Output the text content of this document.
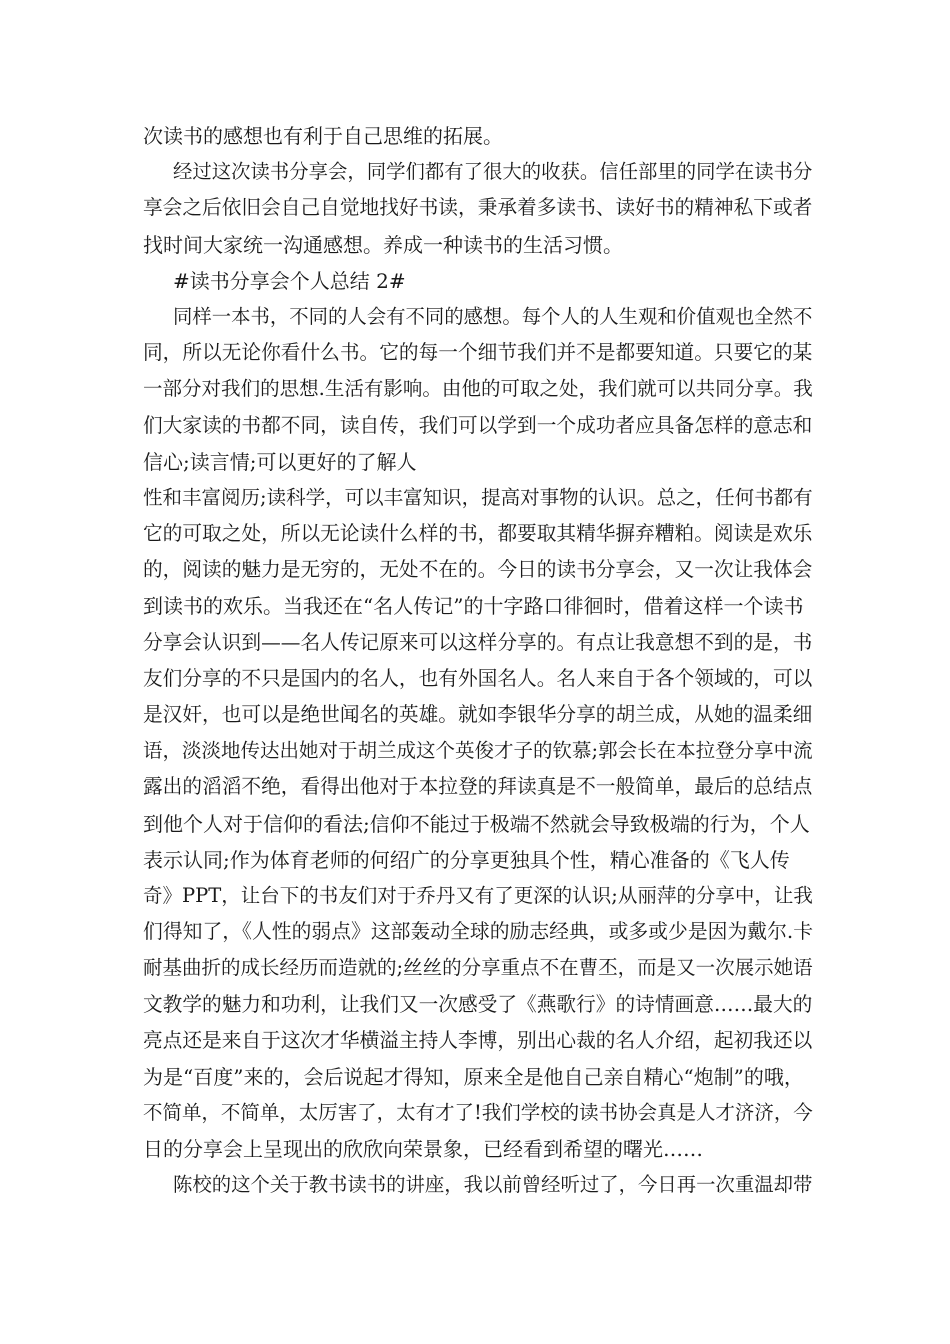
次读书的感想也有利于自己思维的拓展。
经过这次读书分享会，同学们都有了很大的收获。信任部里的同学在读书分
享会之后依旧会自己自觉地找好书读，秉承着多读书、读好书的精神私下或者
找时间大家统一沟通感想。养成一种读书的生活习惯。
#读书分享会个人总结 2#
同样一本书，不同的人会有不同的感想。每个人的人生观和价值观也全然不
同，所以无论你看什么书。它的每一个细节我们并不是都要知道。只要它的某
一部分对我们的思想.生活有影响。由他的可取之处，我们就可以共同分享。我
们大家读的书都不同，读自传，我们可以学到一个成功者应具备怎样的意志和
信心;读言情;可以更好的了解人
性和丰富阅历;读科学，可以丰富知识，提高对事物的认识。总之，任何书都有
它的可取之处，所以无论读什么样的书，都要取其精华摒弃糟粕。阅读是欢乐
的，阅读的魅力是无穷的，无处不在的。今日的读书分享会，又一次让我体会
到读书的欢乐。当我还在“名人传记”的十字路口徘徊时，借着这样一个读书
分享会认识到——名人传记原来可以这样分享的。有点让我意想不到的是，书
友们分享的不只是国内的名人，也有外国名人。名人来自于各个领域的，可以
是汉奸，也可以是绝世闻名的英雄。就如李银华分享的胡兰成，从她的温柔细
语，淡淡地传达出她对于胡兰成这个英俊才子的钦慕;郭会长在本拉登分享中流
露出的滔滔不绝，看得出他对于本拉登的拜读真是不一般简单，最后的总结点
到他个人对于信仰的看法;信仰不能过于极端不然就会导致极端的行为，个人
表示认同;作为体育老师的何绍广的分享更独具个性，精心准备的《飞人传
奇》PPT，让台下的书友们对于乔丹又有了更深的认识;从丽萍的分享中，让我
们得知了，《人性的弱点》这部轰动全球的励志经典，或多或少是因为戴尔.卡
耐基曲折的成长经历而造就的;丝丝的分享重点不在曹丕，而是又一次展示她语
文教学的魅力和功利，让我们又一次感受了《燕歌行》的诗情画意……最大的
亮点还是来自于这次才华横溢主持人李博，别出心裁的名人介绍，起初我还以
为是“百度”来的，会后说起才得知，原来全是他自己亲自精心“炮制”的哦，
不简单，不简单，太厉害了，太有才了!我们学校的读书协会真是人才济济，今
日的分享会上呈现出的欣欣向荣景象，已经看到希望的曙光……
陈校的这个关于教书读书的讲座，我以前曾经听过了，今日再一次重温却带
